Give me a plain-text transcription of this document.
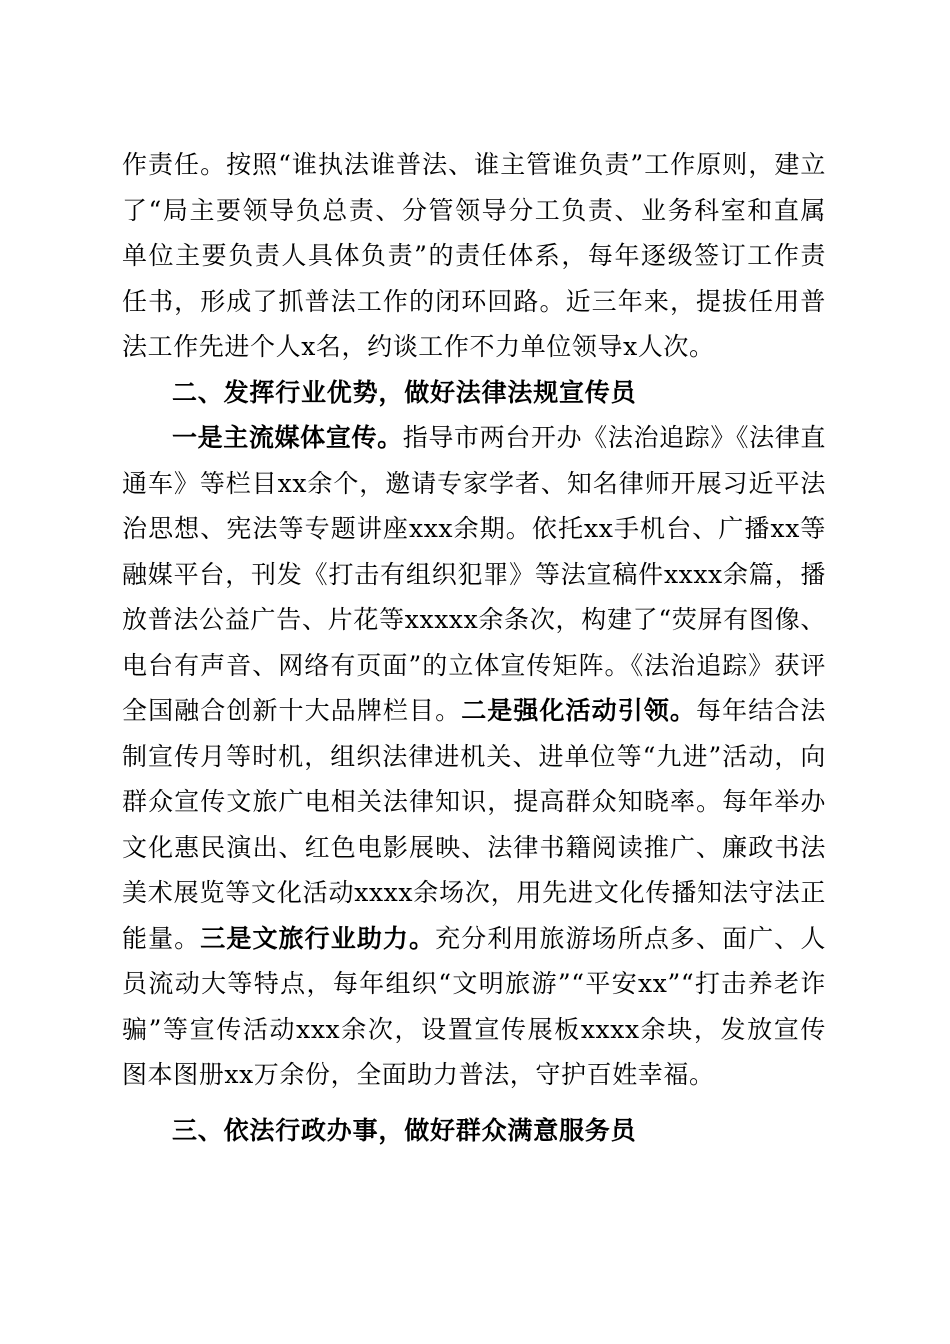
作责任。按照“谁执法谁普法、谁主管谁负责”工作原则，建立了“局主要领导负总责、分管领导分工负责、业务科室和直属单位主要负责人具体负责”的责任体系，每年逐级签订工作责任书，形成了抓普法工作的闭环回路。近三年来，提拔任用普法工作先进个人x名，约谈工作不力单位领导x人次。

二、发挥行业优势，做好法律法规宣传员

一是主流媒体宣传。指导市两台开办《法治追踪》《法律直通车》等栏目xx余个，邀请专家学者、知名律师开展习近平法治思想、宪法等专题讲座xxx余期。依托xx手机台、广播xx等融媒平台，刊发《打击有组织犯罪》等法宣稿件xxxx余篇，播放普法公益广告、片花等xxxxx余条次，构建了“荧屏有图像、电台有声音、网络有页面”的立体宣传矩阵。《法治追踪》获评全国融合创新十大品牌栏目。二是强化活动引领。每年结合法制宣传月等时机，组织法律进机关、进单位等“九进”活动，向群众宣传文旅广电相关法律知识，提高群众知晓率。每年举办文化惠民演出、红色电影展映、法律书籍阅读推广、廉政书法美术展览等文化活动xxxx余场次，用先进文化传播知法守法正能量。三是文旅行业助力。充分利用旅游场所点多、面广、人员流动大等特点，每年组织“文明旅游”“平安xx”“打击养老诈骗”等宣传活动xxx余次，设置宣传展板xxxx余块，发放宣传图本图册xx万余份，全面助力普法，守护百姓幸福。

三、依法行政办事，做好群众满意服务员
